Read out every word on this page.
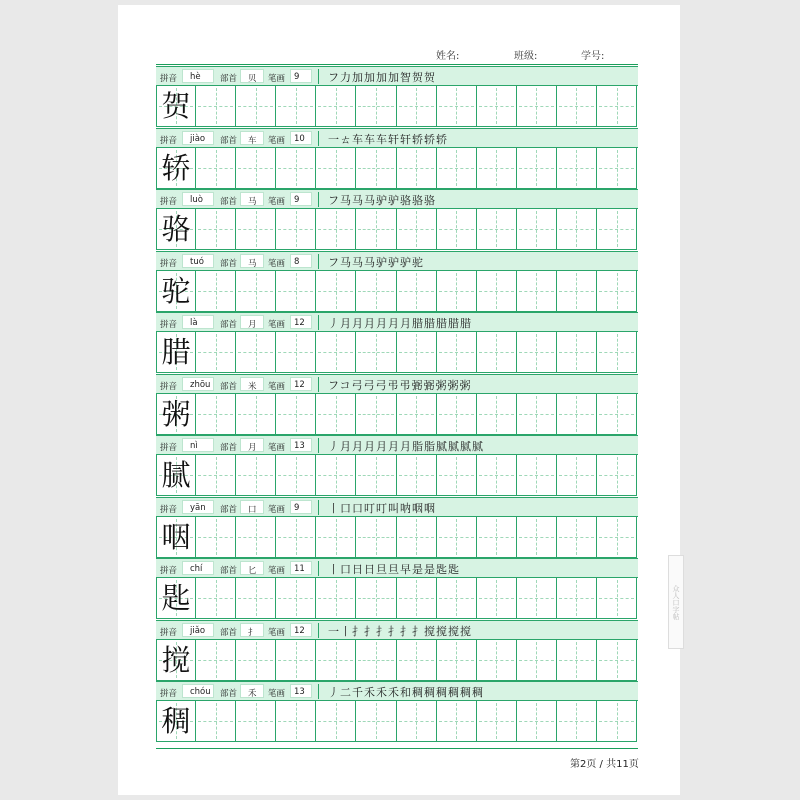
姓名:	班级:	学号:
拼音 hè 部首 贝 笔画 9	フ力加加加加智贺贺
贺
拼音 jiào 部首 车 笔画 10 一ㄊ车车车轩轩轿轿轿
轿
拼音 luò 部首 马 笔画 9	フ马马马驴驴骆骆骆
骆
拼音 tuó 部首 马 笔画 8	フ马马马驴驴驴驼
驼
拼音 là	部首 月 笔画 12 丿月月月月月月腊腊腊腊腊
腊
拼音 zhōu 部首 米 笔画 12 フコ弓弓弓弔弔弻弻粥粥粥
粥
拼音 nì	部首 月 笔画 13 丿月月月月月月脂脂腻腻腻腻
腻
拼音 yān 部首 口 笔画 9	丨口口叮叮叫呐咽咽
咽
拼音 chí 部首 匕 笔画 11 丨口日日旦旦早是是匙匙
匙
拼音 jiǎo 部首 扌 笔画 12 一丨扌扌扌扌扌扌搅搅搅搅
搅
拼音 chóu 部首 禾 笔画 13 丿二千禾禾禾和稠稠稠稠稠稠
稠
第2页 / 共11页
众人口字帖
